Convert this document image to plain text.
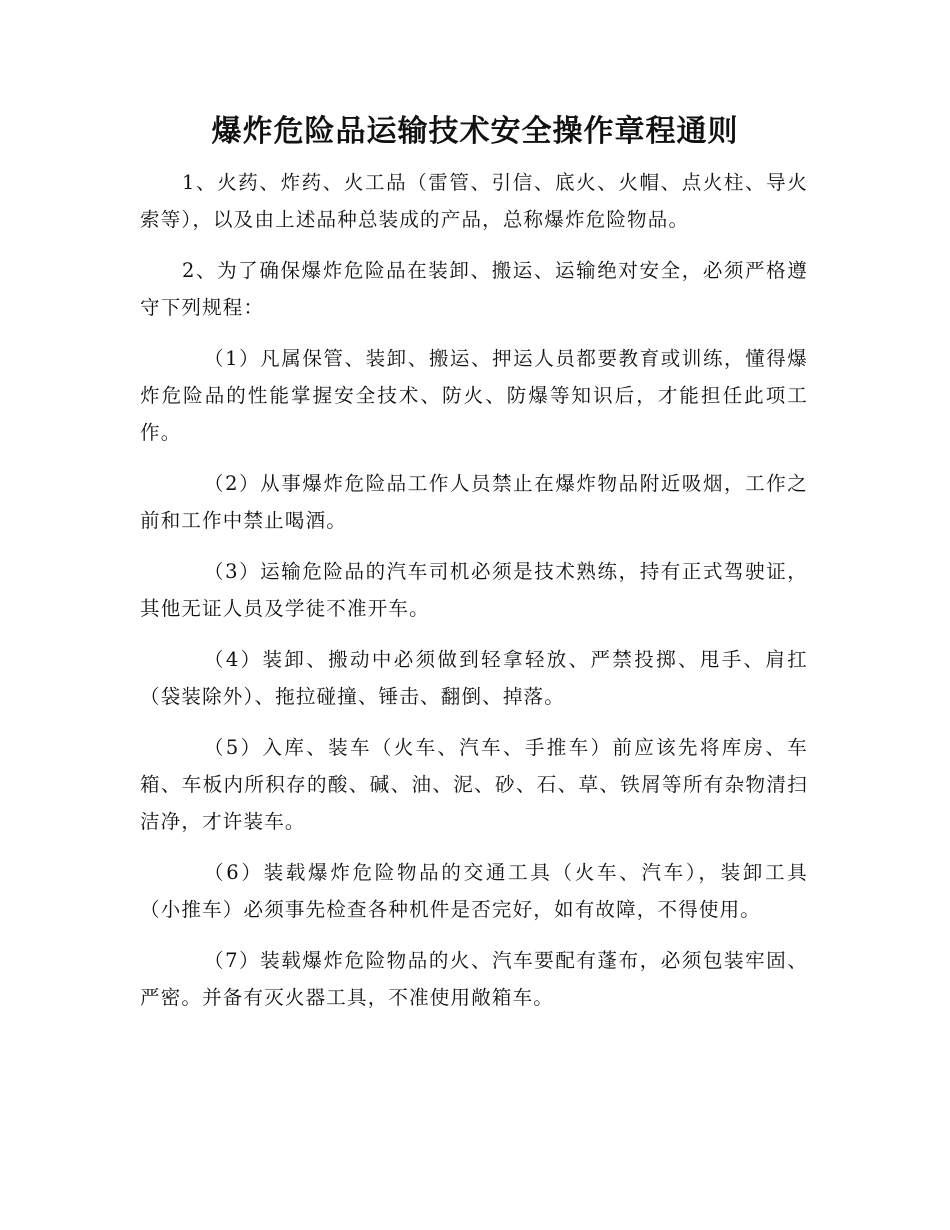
爆炸危险品运输技术安全操作章程通则

1、火药、炸药、火工品（雷管、引信、底火、火帽、点火柱、导火索等），以及由上述品种总装成的产品，总称爆炸危险物品。

2、为了确保爆炸危险品在装卸、搬运、运输绝对安全，必须严格遵守下列规程：

（1）凡属保管、装卸、搬运、押运人员都要教育或训练，懂得爆炸危险品的性能掌握安全技术、防火、防爆等知识后，才能担任此项工作。

（2）从事爆炸危险品工作人员禁止在爆炸物品附近吸烟，工作之前和工作中禁止喝酒。

（3）运输危险品的汽车司机必须是技术熟练，持有正式驾驶证，其他无证人员及学徒不准开车。

（4）装卸、搬动中必须做到轻拿轻放、严禁投掷、甩手、肩扛（袋装除外）、拖拉碰撞、锤击、翻倒、掉落。

（5）入库、装车（火车、汽车、手推车）前应该先将库房、车箱、车板内所积存的酸、碱、油、泥、砂、石、草、铁屑等所有杂物清扫洁净，才许装车。

（6）装载爆炸危险物品的交通工具（火车、汽车），装卸工具（小推车）必须事先检查各种机件是否完好，如有故障，不得使用。

（7）装载爆炸危险物品的火、汽车要配有蓬布，必须包装牢固、严密。并备有灭火器工具，不准使用敞箱车。
